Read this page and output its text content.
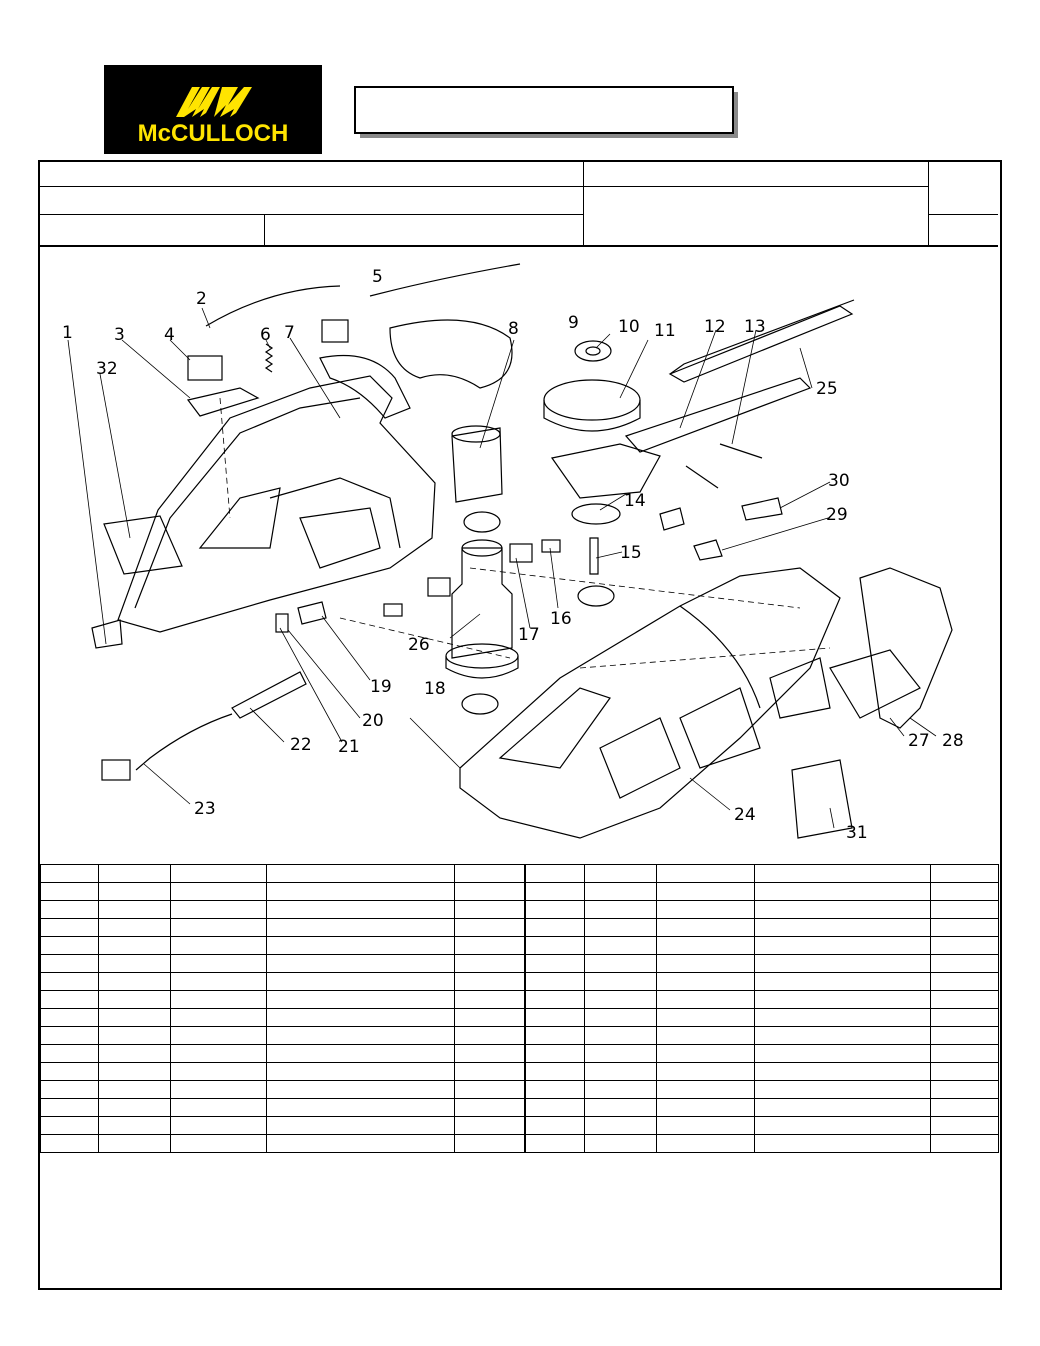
McCULLOCH
1
2
3 4
5
6 7	8	9 10 11 12 13
14
15
16
17
18
19
20
21
22
23	24
25
26
27 28
29
30
31
32
